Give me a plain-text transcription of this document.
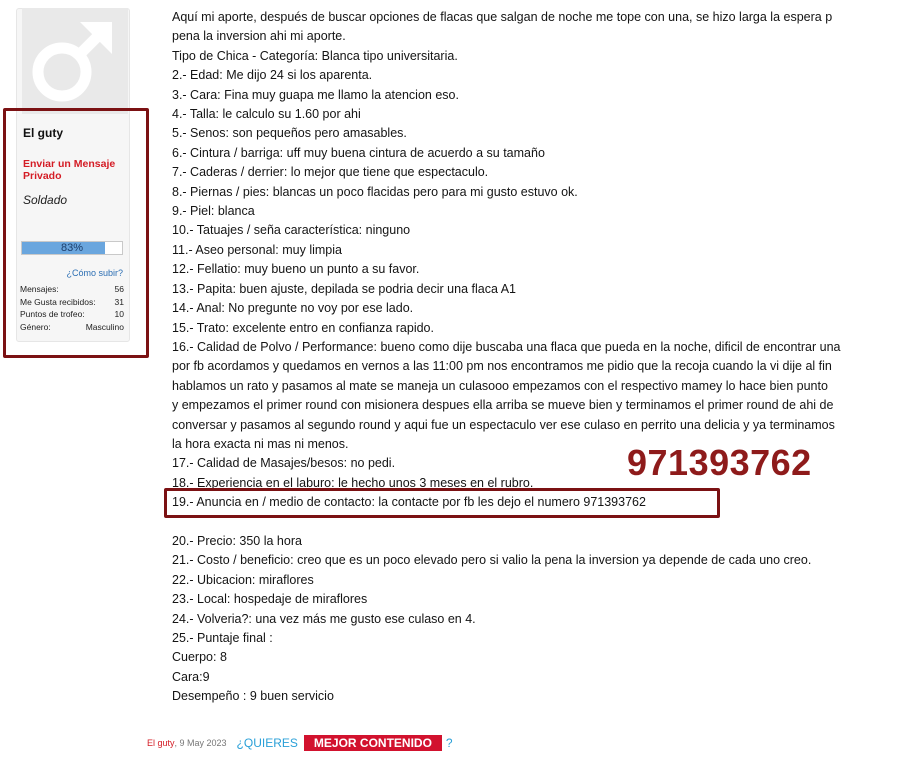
El guty
Enviar un Mensaje Privado
Soldado
83%
¿Cómo subir?
Mensajes:	56
Me Gusta recibidos: 31
Puntos de trofeo:	10
Género:	Masculino
Aquí mi aporte, después de buscar opciones de flacas que salgan de noche me tope con una, se hizo larga la espera p
pena la inversion ahi mi aporte.
Tipo de Chica - Categoría: Blanca tipo universitaria.
2.- Edad: Me dijo 24 si los aparenta.
3.- Cara: Fina muy guapa me llamo la atencion eso.
4.- Talla: le calculo su 1.60 por ahi
5.- Senos: son pequeños pero amasables.
6.- Cintura / barriga: uff muy buena cintura de acuerdo a su tamaño
7.- Caderas / derrier: lo mejor que tiene que espectaculo.
8.- Piernas / pies: blancas un poco flacidas pero para mi gusto estuvo ok.
9.- Piel: blanca
10.- Tatuajes / seña característica: ninguno
11.- Aseo personal: muy limpia
12.- Fellatio: muy bueno un punto a su favor.
13.- Papita: buen ajuste, depilada se podria decir una flaca A1
14.- Anal: No pregunte no voy por ese lado.
15.- Trato: excelente entro en confianza rapido.
16.- Calidad de Polvo / Performance: bueno como dije buscaba una flaca que pueda en la noche, dificil de encontrar una
por fb acordamos y quedamos en vernos a las 11:00 pm nos encontramos me pidio que la recoja cuando la vi dije al fin
hablamos un rato y pasamos al mate se maneja un culasooo empezamos con el respectivo mamey lo hace bien punto
y empezamos el primer round con misionera despues ella arriba se mueve bien y terminamos el primer round de ahi de
conversar y pasamos al segundo round y aqui fue un espectaculo ver ese culaso en perrito una delicia y ya terminamos
la hora exacta ni mas ni menos.
17.- Calidad de Masajes/besos: no pedi.
18.- Experiencia en el laburo: le hecho unos 3 meses en el rubro.
19.- Anuncia en / medio de contacto: la contacte por fb les dejo el numero 971393762
20.- Precio: 350 la hora
21.- Costo / beneficio: creo que es un poco elevado pero si valio la pena la inversion ya depende de cada uno creo.
22.- Ubicacion: miraflores
23.- Local: hospedaje de miraflores
24.- Volveria?: una vez más me gusto ese culaso en 4.
25.- Puntaje final :
Cuerpo: 8
Cara:9
Desempeño : 9 buen servicio
971393762
El guty , 9 May 2023 ¿QUIERES	MEJOR CONTENIDO	?
